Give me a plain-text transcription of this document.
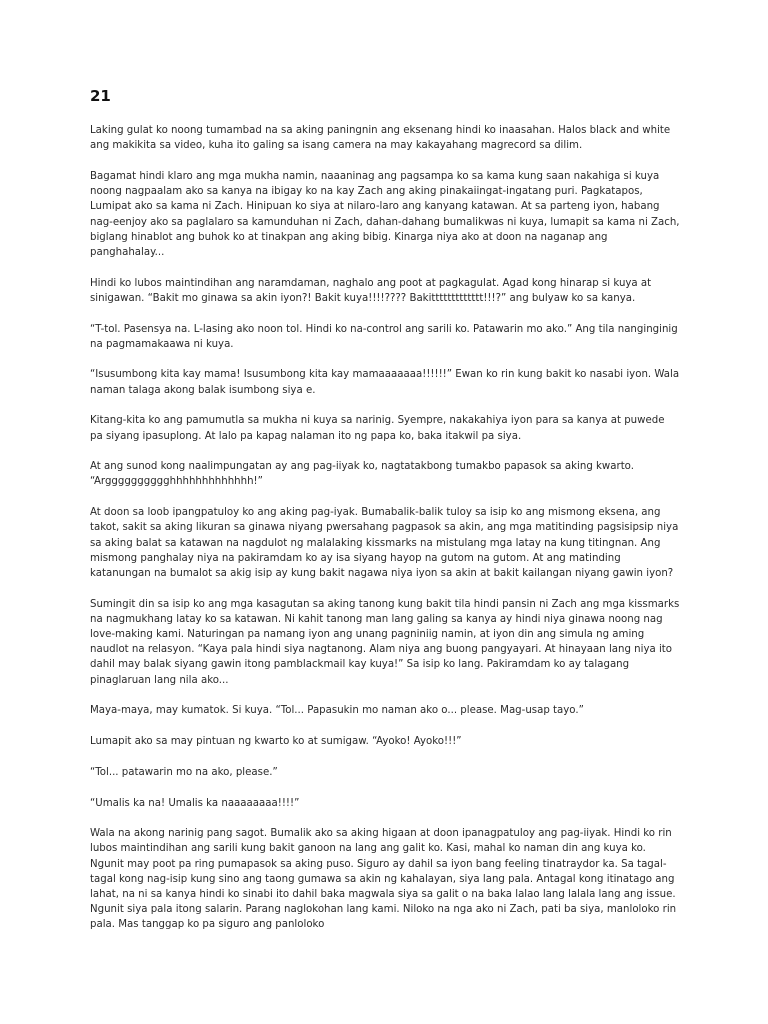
21

Laking gulat ko noong tumambad na sa aking paningnin ang eksenang hindi ko inaasahan. Halos black and white ang makikita sa video, kuha ito galing sa isang camera na may kakayahang magrecord sa dilim.

Bagamat hindi klaro ang mga mukha namin, naaaninag ang pagsampa ko sa kama kung saan nakahiga si kuya noong nagpaalam ako sa kanya na ibigay ko na kay Zach ang aking pinakaiingat-ingatang puri. Pagkatapos, Lumipat ako sa kama ni Zach. Hinipuan ko siya at nilaro-laro ang kanyang katawan. At sa parteng iyon, habang nag-eenjoy ako sa paglalaro sa kamunduhan ni Zach, dahan-dahang bumalikwas ni kuya, lumapit sa kama ni Zach, biglang hinablot ang buhok ko at tinakpan ang aking bibig. Kinarga niya ako at doon na naganap ang panghahalay...

Hindi ko lubos maintindihan ang naramdaman, naghalo ang poot at pagkagulat. Agad kong hinarap si kuya at sinigawan. “Bakit mo ginawa sa akin iyon?! Bakit kuya!!!!???? Bakittttttttttttt!!!?” ang bulyaw ko sa kanya.

“T-tol. Pasensya na. L-lasing ako noon tol. Hindi ko na-control ang sarili ko. Patawarin mo ako.” Ang tila nanginginig na pagmamakaawa ni kuya.

“Isusumbong kita kay mama! Isusumbong kita kay mamaaaaaaa!!!!!!” Ewan ko rin kung bakit ko nasabi iyon. Wala naman talaga akong balak isumbong siya e.

Kitang-kita ko ang pamumutla sa mukha ni kuya sa narinig. Syempre, nakakahiya iyon para sa kanya at puwede pa siyang ipasuplong. At lalo pa kapag nalaman ito ng papa ko, baka itakwil pa siya.

At ang sunod kong naalimpungatan ay ang pag-iiyak ko, nagtatakbong tumakbo papasok sa aking kwarto. “Argggggggggghhhhhhhhhhhhh!”

At doon sa loob ipangpatuloy ko ang aking pag-iyak. Bumabalik-balik tuloy sa isip ko ang mismong eksena, ang takot, sakit sa aking likuran sa ginawa niyang pwersahang pagpasok sa akin, ang mga matitinding pagsisipsip niya sa aking balat sa katawan na nagdulot ng malalaking kissmarks na mistulang mga latay na kung titingnan. Ang mismong panghalay niya na pakiramdam ko ay isa siyang hayop na gutom na gutom. At ang matinding katanungan na bumalot sa akig isip ay kung bakit nagawa niya iyon sa akin at bakit kailangan niyang gawin iyon?

Sumingit din sa isip ko ang mga kasagutan sa aking tanong kung bakit tila hindi pansin ni Zach ang mga kissmarks na nagmukhang latay ko sa katawan. Ni kahit tanong man lang galing sa kanya ay hindi niya ginawa noong nag love-making kami. Naturingan pa namang iyon ang unang pagniniig namin, at iyon din ang simula ng aming naudlot na relasyon. “Kaya pala hindi siya nagtanong. Alam niya ang buong pangyayari. At hinayaan lang niya ito dahil may balak siyang gawin itong pamblackmail kay kuya!” Sa isip ko lang. Pakiramdam ko ay talagang pinaglaruan lang nila ako...

Maya-maya, may kumatok. Si kuya. “Tol... Papasukin mo naman ako o... please. Mag-usap tayo.”

Lumapit ako sa may pintuan ng kwarto ko at sumigaw. “Ayoko! Ayoko!!!”

“Tol... patawarin mo na ako, please.”

“Umalis ka na! Umalis ka naaaaaaaa!!!!”

Wala na akong narinig pang sagot. Bumalik ako sa aking higaan at doon ipanagpatuloy ang pag-iiyak. Hindi ko rin lubos maintindihan ang sarili kung bakit ganoon na lang ang galit ko. Kasi, mahal ko naman din ang kuya ko. Ngunit may poot pa ring pumapasok sa aking puso. Siguro ay dahil sa iyon bang feeling tinatraydor ka. Sa tagal-tagal kong nag-isip kung sino ang taong gumawa sa akin ng kahalayan, siya lang pala. Antagal kong itinatago ang lahat, na ni sa kanya hindi ko sinabi ito dahil baka magwala siya sa galit o na baka lalao lang lalala lang ang issue. Ngunit siya pala itong salarin. Parang naglokohan lang kami. Niloko na nga ako ni Zach, pati ba siya, manloloko rin pala. Mas tanggap ko pa siguro ang panloloko
